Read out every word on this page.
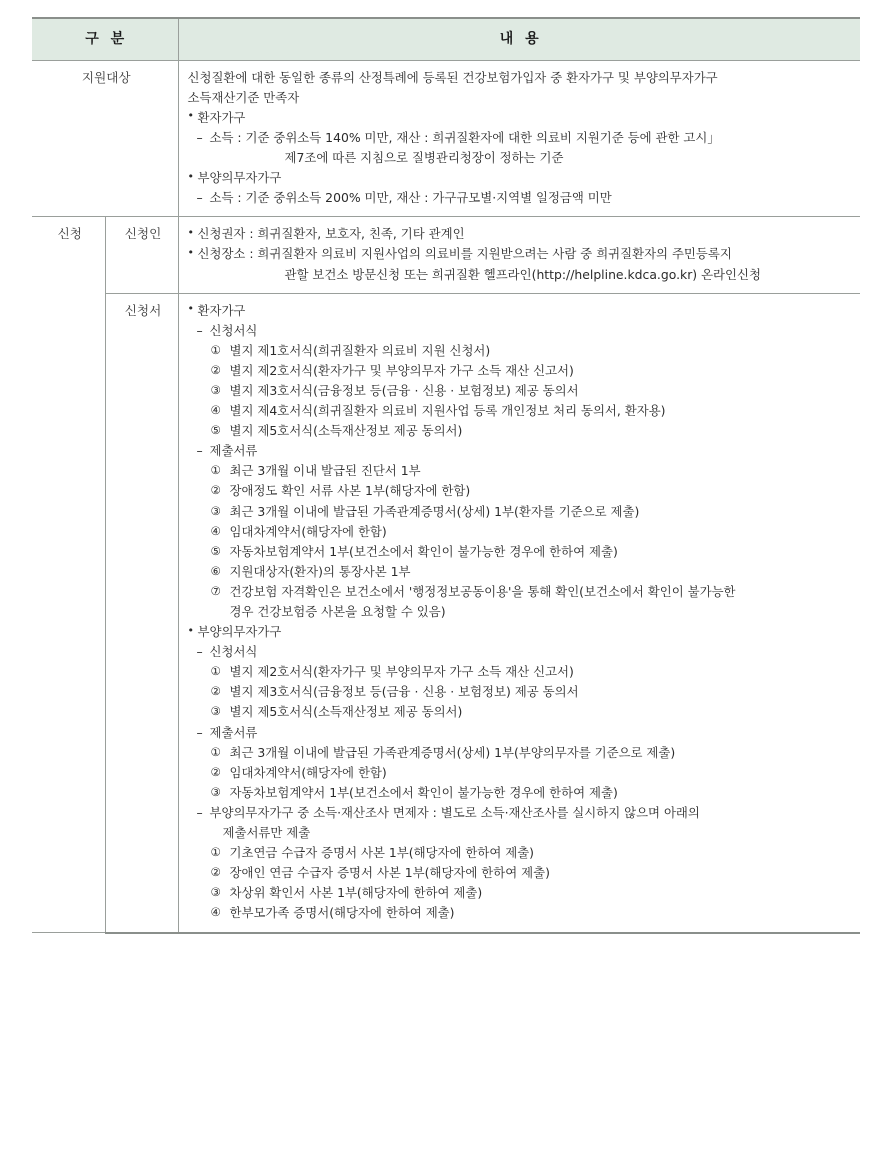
구 분		내 용
지원대상	신청질환에 대한 동일한 종류의 산정특례에 등록된 건강보험가입자 중 환자가구 및 부양의무자가구
소득재산기준 만족자
• 환자가구
– 소득 : 기준 중위소득 140% 미만, 재산 : 희귀질환자에 대한 의료비 지원기준 등에 관한 고시」
제7조에 따른 지침으로 질병관리청장이 정하는 기준
• 부양의무자가구
– 소득 : 기준 중위소득 200% 미만, 재산 : 가구규모별·지역별 일정금액 미만

신청	신청인	• 신청권자 : 희귀질환자, 보호자, 친족, 기타 관계인
• 신청장소 : 희귀질환자 의료비 지원사업의 의료비를 지원받으려는 사람 중 희귀질환자의 주민등록지
관할 보건소 방문신청 또는 희귀질환 헬프라인(http://helpline.kdca.go.kr) 온라인신청

신청서	
•환자가구
– 신청서식
① 별지 제1호서식(희귀질환자 의료비 지원 신청서)
② 별지 제2호서식(환자가구 및 부양의무자 가구 소득 재산 신고서)
③ 별지 제3호서식(금융정보 등(금융 · 신용 · 보험정보) 제공 동의서
④ 별지 제4호서식(희귀질환자 의료비 지원사업 등록 개인정보 처리 동의서, 환자용)
⑤ 별지 제5호서식(소득재산정보 제공 동의서)
– 제출서류
① 최근 3개월 이내 발급된 진단서 1부
② 장애정도 확인 서류 사본 1부(해당자에 한함)
③ 최근 3개월 이내에 발급된 가족관계증명서(상세) 1부(환자를 기준으로 제출)
④ 임대차계약서(해당자에 한함)
⑤ 자동차보험계약서 1부(보건소에서 확인이 불가능한 경우에 한하여 제출)
⑥ 지원대상자(환자)의 통장사본 1부
⑦ 건강보험 자격확인은 보건소에서 '행정정보공동이용'을 통해 확인(보건소에서 확인이 불가능한
경우 건강보험증 사본을 요청할 수 있음)
• 부양의무자가구
– 신청서식
① 별지 제2호서식(환자가구 및 부양의무자 가구 소득 재산 신고서)
② 별지 제3호서식(금융정보 등(금융 · 신용 · 보험정보) 제공 동의서
③ 별지 제5호서식(소득재산정보 제공 동의서)
– 제출서류
① 최근 3개월 이내에 발급된 가족관계증명서(상세) 1부(부양의무자를 기준으로 제출)
② 임대차계약서(해당자에 한함)
③ 자동차보험계약서 1부(보건소에서 확인이 불가능한 경우에 한하여 제출)
– 부양의무자가구 중 소득·재산조사 면제자 : 별도로 소득·재산조사를 실시하지 않으며 아래의
제출서류만 제출
① 기초연금 수급자 증명서 사본 1부(해당자에 한하여 제출)
② 장애인 연금 수급자 증명서 사본 1부(해당자에 한하여 제출)
③ 차상위 확인서 사본 1부(해당자에 한하여 제출)
④ 한부모가족 증명서(해당자에 한하여 제출)
